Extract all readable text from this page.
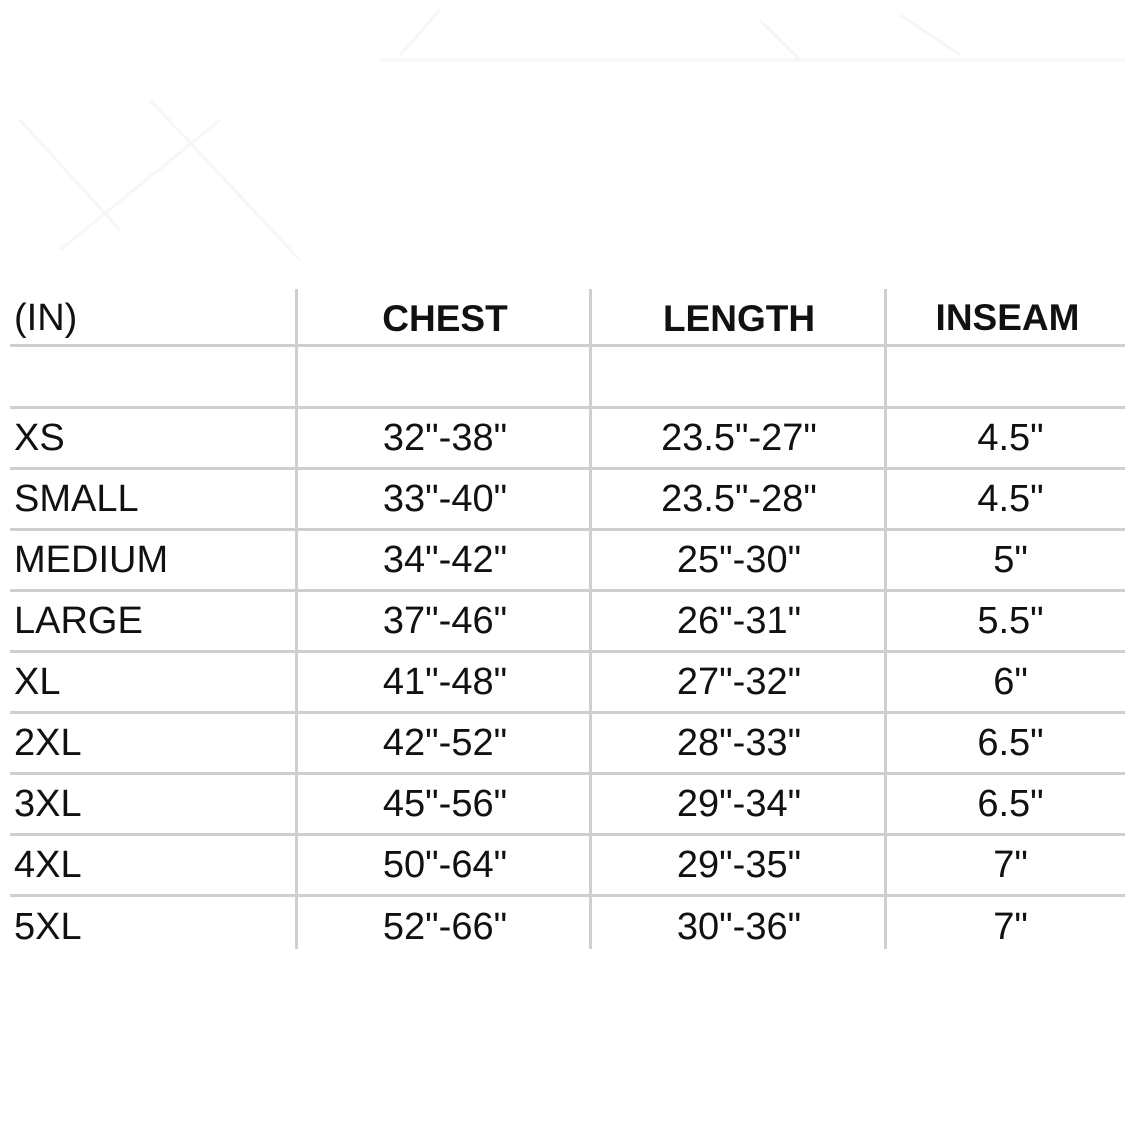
(IN)	CHEST	LENGTH	INSEAM
XS	32"-38"	23.5"-27"	4.5"
SMALL	33"-40"	23.5"-28"	4.5"
MEDIUM	34"-42"	25"-30"	5"
LARGE	37"-46"	26"-31"	5.5"
XL	41"-48"	27"-32"	6"
2XL	42"-52"	28"-33"	6.5"
3XL	45"-56"	29"-34"	6.5"
4XL	50"-64"	29"-35"	7"
5XL	52"-66"	30"-36"	7"
